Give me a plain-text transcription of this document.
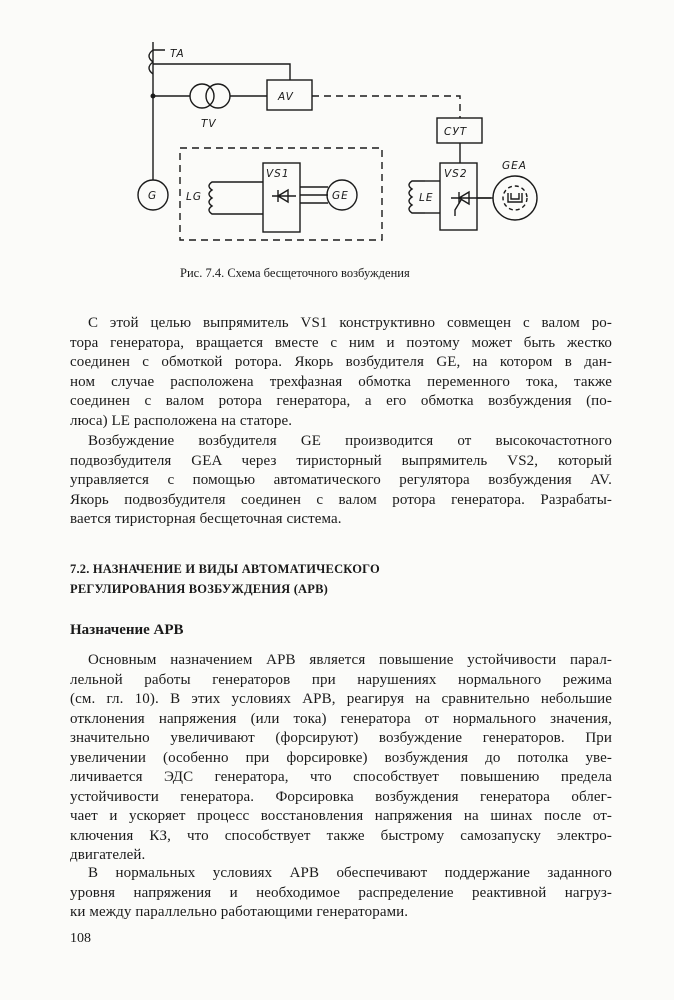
TA
TV
AV
СУТ
G	LG
VS1
GE	LE
VS2
GEA
Рис. 7.4. Схема бесщеточного возбуждения
С этой целью выпрямитель VS1 конструктивно совмещен с валом ро-
тора генератора, вращается вместе с ним и поэтому может быть жестко
соединен с обмоткой ротора. Якорь возбудителя GE, на котором в дан-
ном случае расположена трехфазная обмотка переменного тока, также
соединен с валом ротора генератора, а его обмотка возбуждения (по-
люса) LE расположена на статоре.
Возбуждение возбудителя GE производится от высокочастотного
подвозбудителя GEA через тиристорный выпрямитель VS2, который
управляется с помощью автоматического регулятора возбуждения AV.
Якорь подвозбудителя соединен с валом ротора генератора. Разрабаты-
вается тиристорная бесщеточная система.
Основным назначением АРВ является повышение устойчивости парал-
лельной работы генераторов при нарушениях нормального режима
(см. гл. 10). В этих условиях АРВ, реагируя на сравнительно небольшие
отклонения напряжения (или тока) генератора от нормального значения,
значительно увеличивают (форсируют) возбуждение генераторов. При
увеличении (особенно при форсировке) возбуждения до потолка уве-
личивается ЭДС генератора, что способствует повышению предела
устойчивости генератора. Форсировка возбуждения генератора облег-
чает и ускоряет процесс восстановления напряжения на шинах после от-
ключения КЗ, что способствует также быстрому самозапуску электро-
двигателей.
В нормальных условиях АРВ обеспечивают поддержание заданного
уровня напряжения и необходимое распределение реактивной нагруз-
ки между параллельно работающими генераторами.
7.2. НАЗНАЧЕНИЕ И ВИДЫ АВТОМАТИЧЕСКОГО
РЕГУЛИРОВАНИЯ ВОЗБУЖДЕНИЯ (АРВ)
Назначение АРВ
108
